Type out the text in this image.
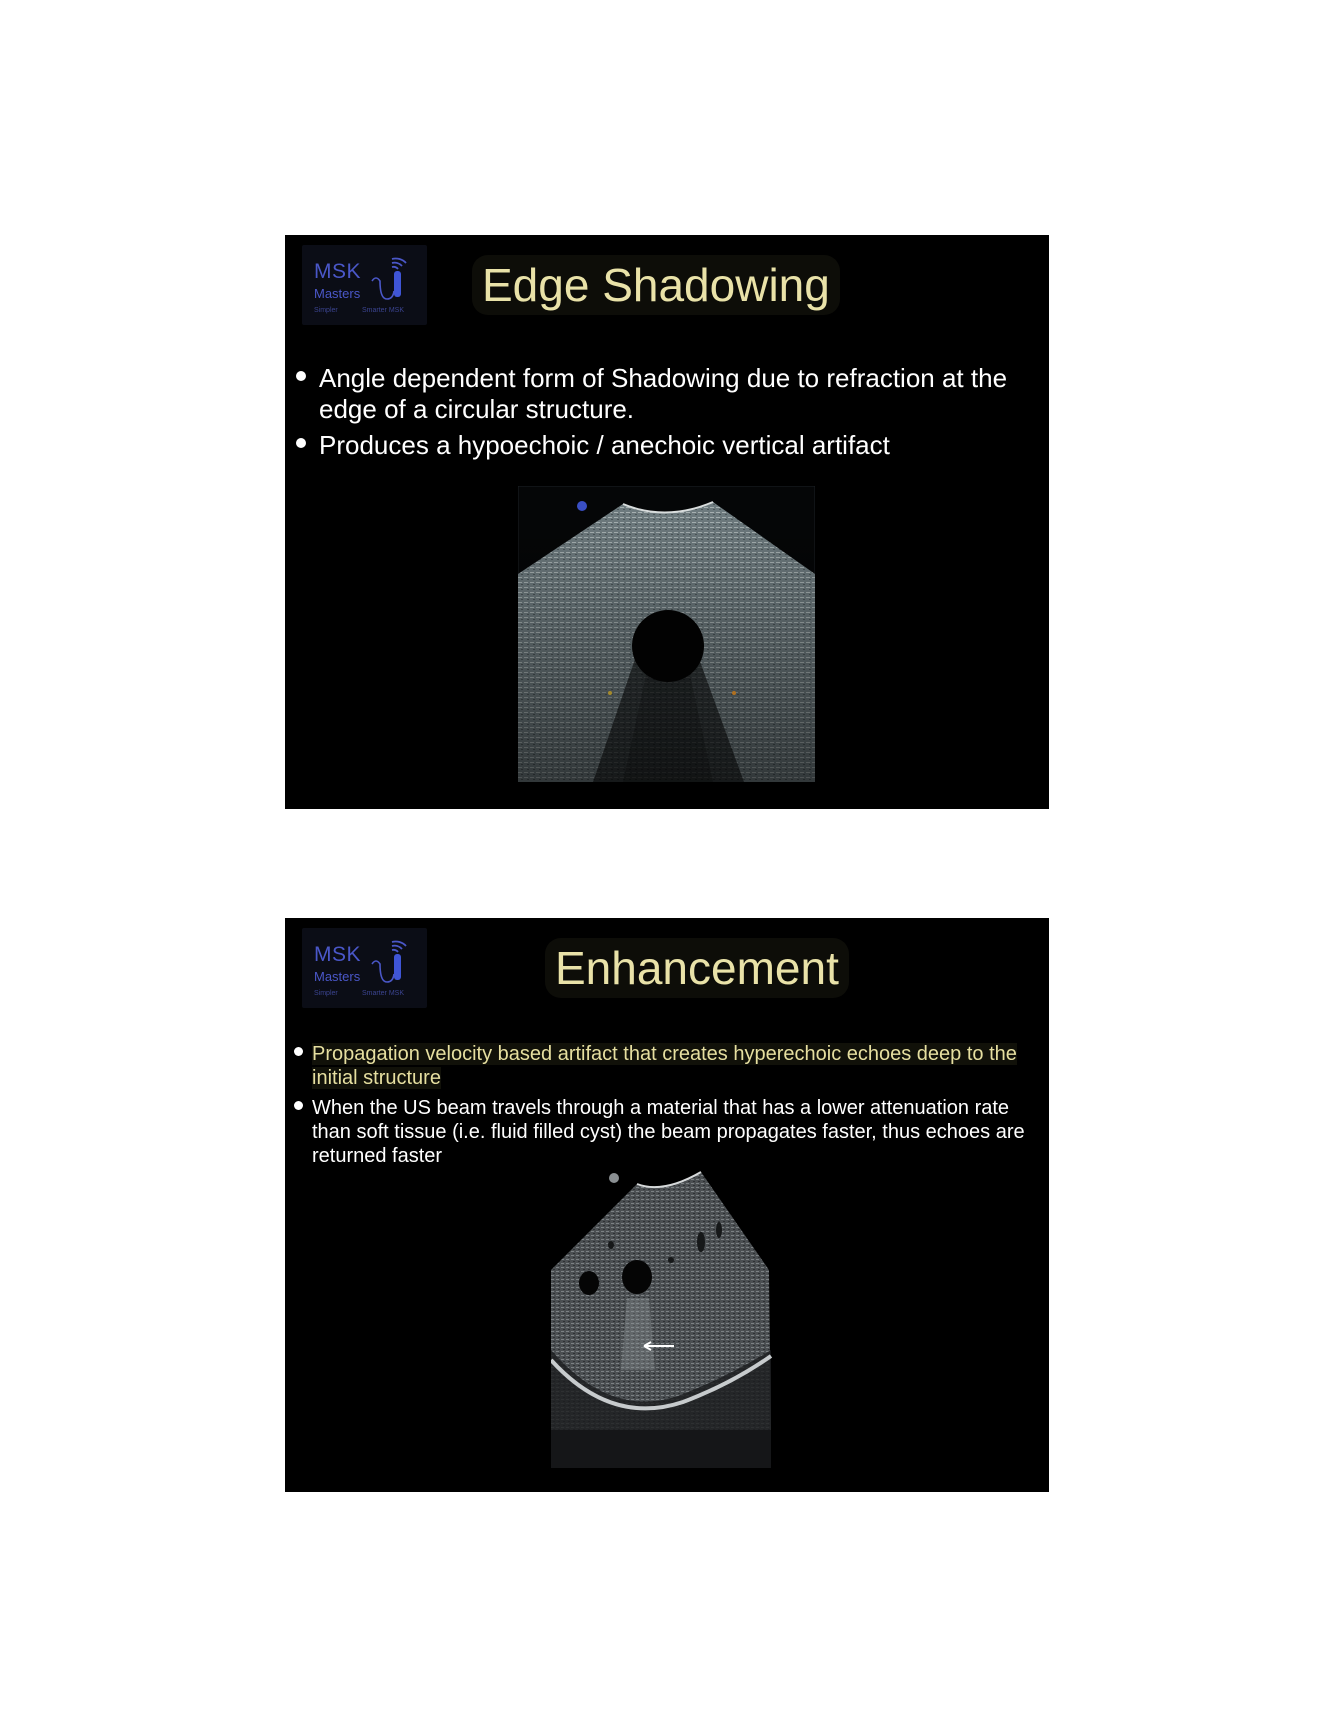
MSK
Masters
Simpler	Smarter MSK Edge Shadowing
Angle dependent form of Shadowing due to refraction at the edge of a circular structure.
Produces a hypoechoic / anechoic vertical artifact
MSK
Masters
Simpler	Smarter MSK	Enhancement
Propagation velocity based artifact that creates hyperechoic echoes deep to the initial structure
When the US beam travels through a material that has a lower attenuation rate than soft tissue (i.e. fluid filled cyst) the beam propagates faster, thus echoes are returned faster
